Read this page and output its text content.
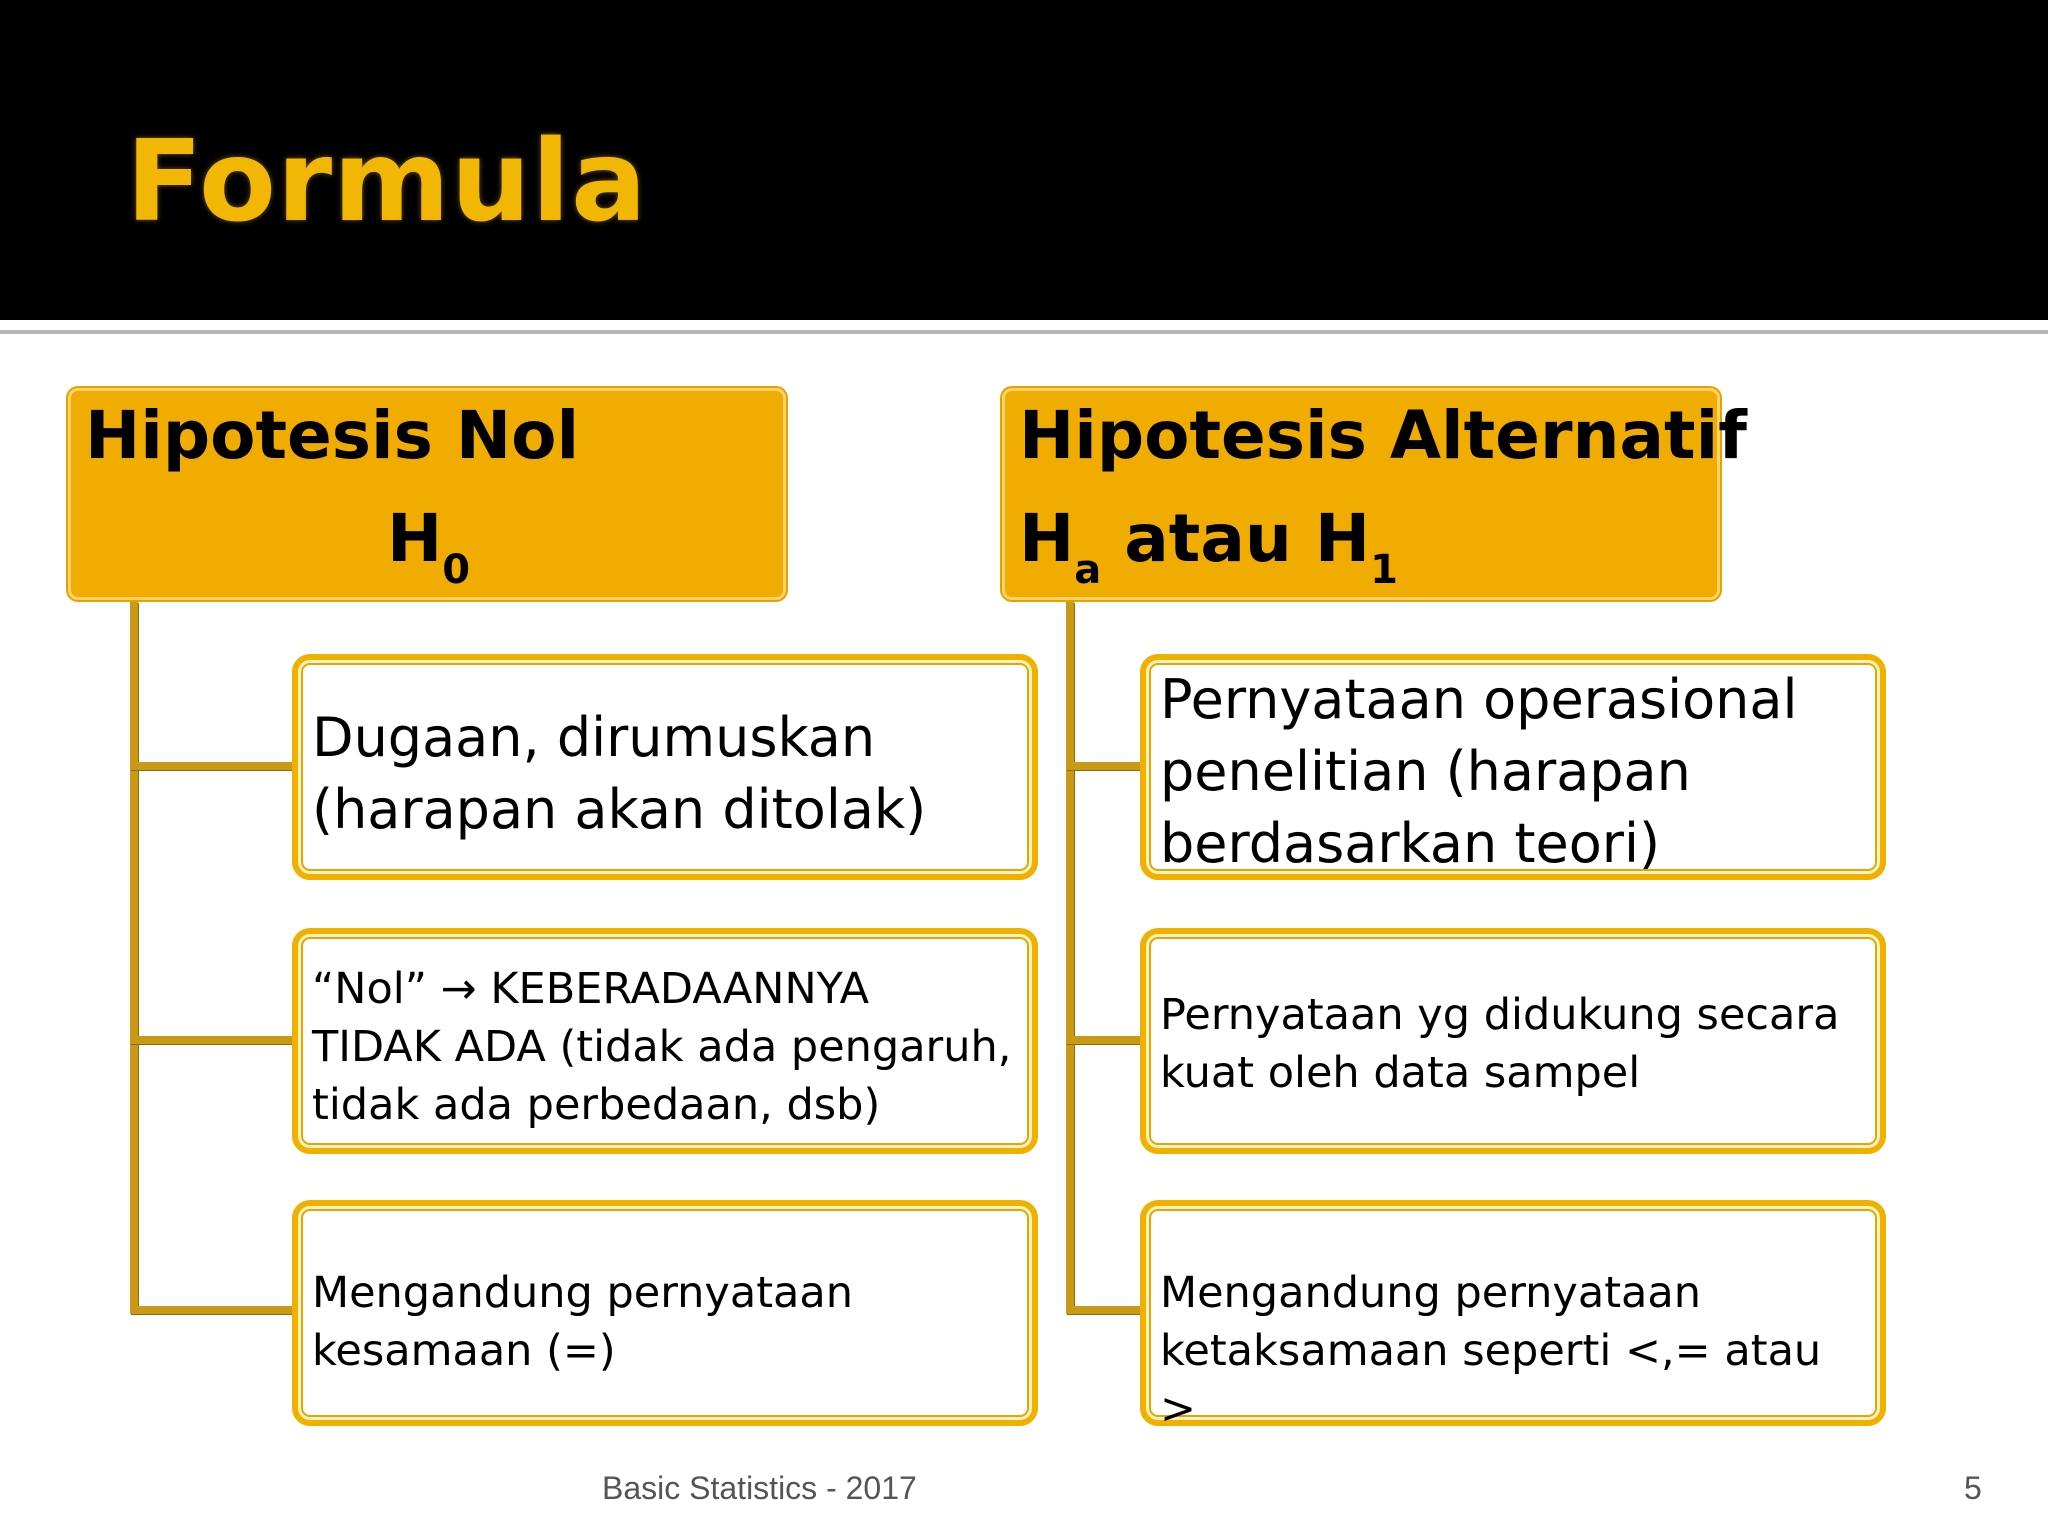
Formula
Hipotesis Nol
$H_0$
Dugaan, dirumuskan
(harapan akan ditolak)
“Nol” → KEBERADAANNYA
TIDAK ADA (tidak ada pengaruh,
tidak ada perbedaan, dsb)
Mengandung pernyataan
kesamaan (=)
Hipotesis Alternatif
$H_a$ atau $H_1$
Pernyataan operasional
penelitian (harapan
berdasarkan teori)
Pernyataan yg didukung secara
kuat oleh data sampel
Mengandung pernyataan
ketaksamaan seperti <,= atau >
Basic Statistics - 2017	5
